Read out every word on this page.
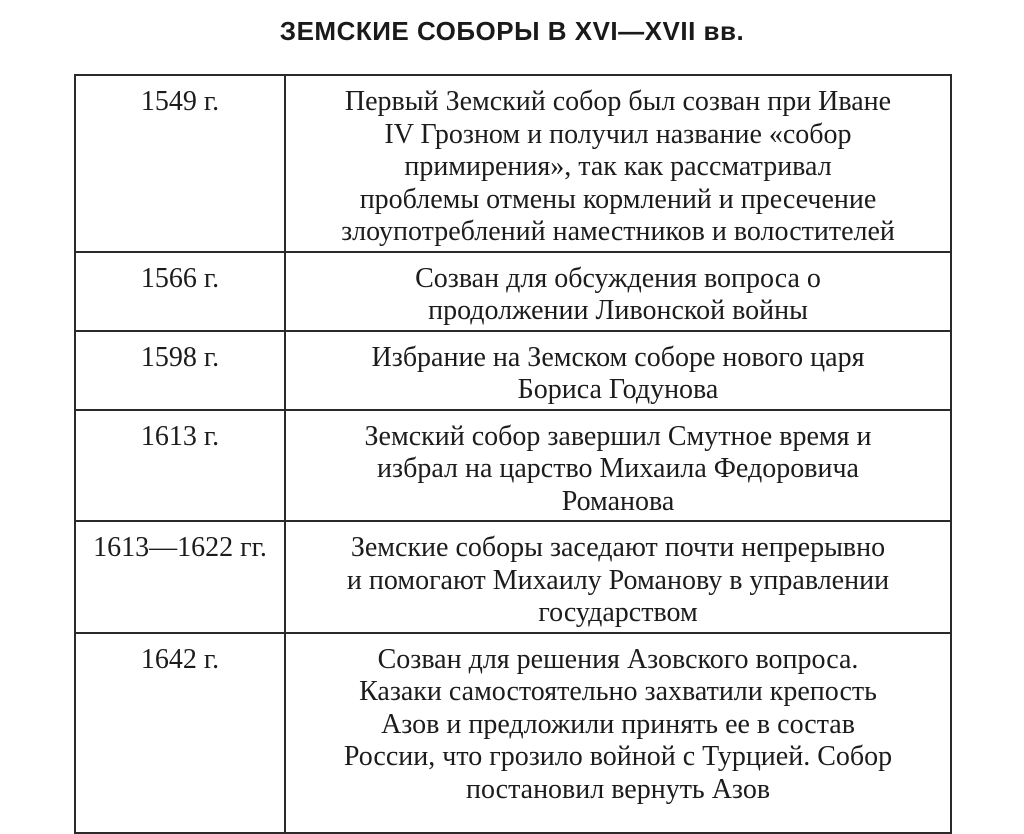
ЗЕМСКИЕ СОБОРЫ В XVI—XVII вв.
1549 г.	Первый Земский собор был созван при Иване
IV Грозном и получил название «собор
примирения», так как рассматривал
проблемы отмены кормлений и пресечение
злоупотреблений наместников и волостителей

1566 г.	Созван для обсуждения вопроса о
продолжении Ливонской войны

1598 г.	Избрание на Земском соборе нового царя
Бориса Годунова

1613 г.	Земский собор завершил Смутное время и
избрал на царство Михаила Федоровича
Романова

1613—1622 гг.	Земские соборы заседают почти непрерывно
и помогают Михаилу Романову в управлении
государством

1642 г.	Созван для решения Азовского вопроса.
Казаки самостоятельно захватили крепость
Азов и предложили принять ее в состав
России, что грозило войной с Турцией. Собор
постановил вернуть Азов
